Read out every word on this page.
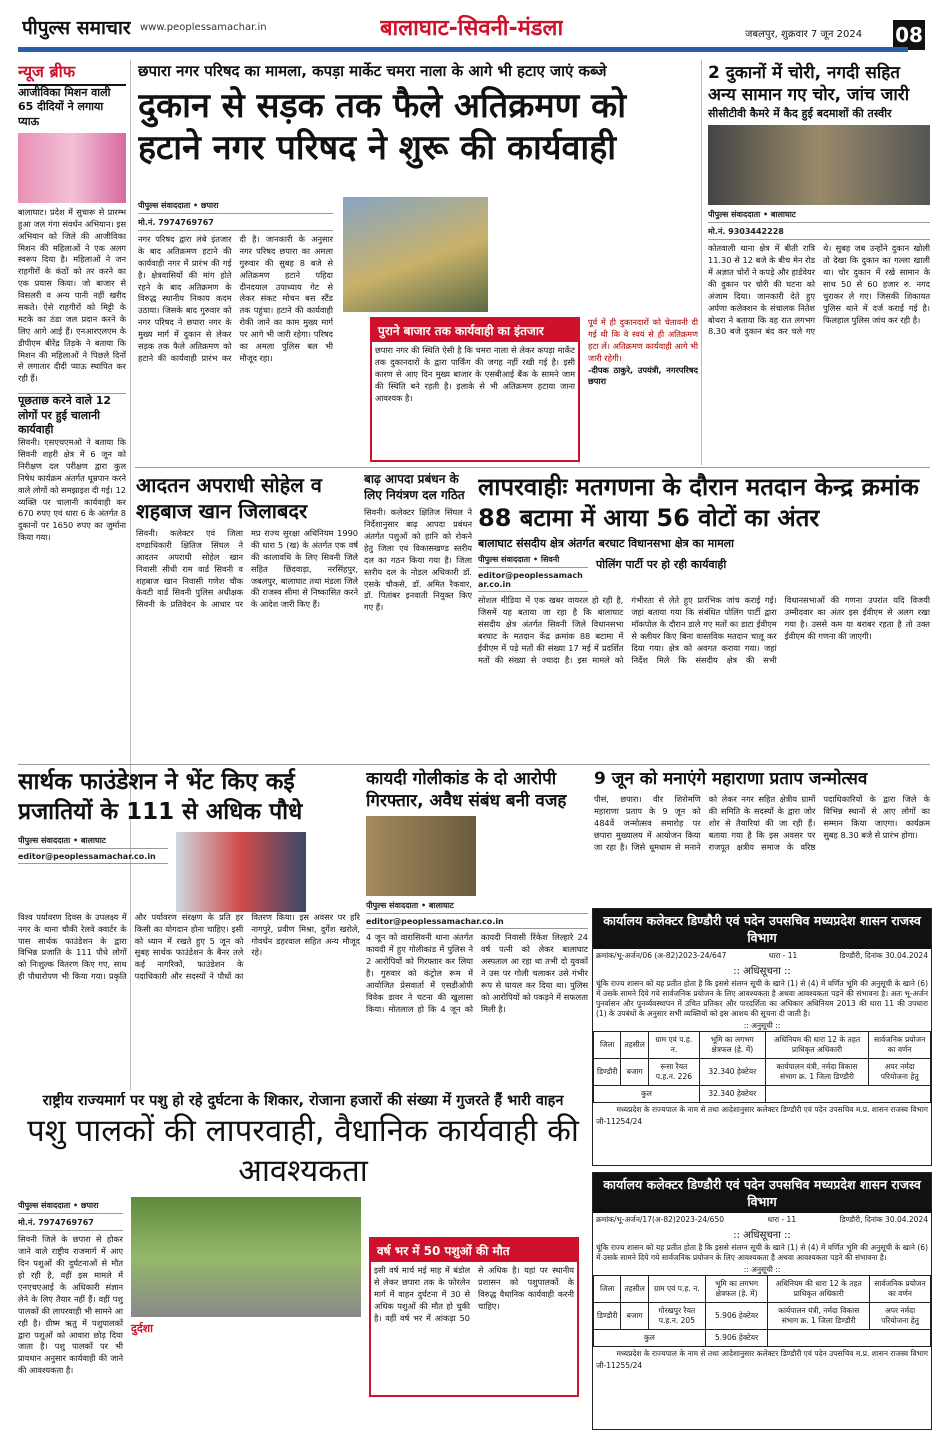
पीपुल्स समाचार www.peoplessamachar.in	बालाघाट-सिवनी-मंडला	जबलपुर, शुक्रवार 7 जून 2024 08
न्यूज ब्रीफ
आजीविका मिशन वाली 65 दीदियों ने लगाया प्याऊ
बालाघाट। प्रदेश में सुचारू से प्रारम्भ हुआ जल गंगा संवर्धन अभियान। इस अभियान को जिले की आजीविका मिशन की महिलाओं ने एक अलग स्वरूप दिया है। महिलाओं ने जन राहगीरों के कंठों को तर करने का एक प्रयास किया। जो बाजार से विसलरी व अन्य पानी नहीं खरीद सकते। ऐसे राहगीरों को मिट्टी के मटके का ठंडा जल प्रदान करने के लिए आगे आई हैं। एनआरएलएम के डीपीएम बीरेंद्र तिड़के ने बताया कि मिशन की महिलाओं ने पिछले दिनों से लगातार दीदी प्याऊ स्थापित कर रही हैं।
पूछताछ करने वाले 12 लोगों पर हुई चालानी कार्यवाही
सिवनी। एसएचएमओ ने बताया कि सिवनी शहरी क्षेत्र में 6 जून को निरीक्षण दल परीक्षण द्वारा कुल निषेध कार्यक्रम अंतर्गत धूम्रपान करने वाले लोगों को समझाइश दी गई। 12 व्यक्ति पर चालानी कार्यवाही कर 670 रुपए एवं धारा 6 के अंतर्गत 8 दुकानों पर 1650 रुपए का जुर्माना किया गया।
छपारा नगर परिषद का मामला, कपड़ा मार्केट चमरा नाला के आगे भी हटाए जाएं कब्जे
दुकान से सड़क तक फैले अतिक्रमण को हटाने नगर परिषद ने शुरू की कार्यवाही
पीपुल्स संवाददाता • छपारा
मो.नं. 7974769767
नगर परिषद द्वारा लंबे इंतजार के बाद अतिक्रमण हटाने की कार्यवाही नगर में प्रारंभ की गई है। क्षेत्रवासियों की मांग होते रहने के बाद अतिक्रमण के विरुद्ध स्थानीय निकाय कदम उठाया। जिसके बाद गुरुवार को नगर परिषद ने छपारा नगर के मुख्य मार्ग में दुकान से लेकर सड़क तक फैले अतिक्रमण को हटाने की कार्यवाही प्रारंभ कर दी है। जानकारी के अनुसार नगर परिषद छपारा का अमला गुरुवार की सुबह 8 बजे से अतिक्रमण हटाने पहिदा दीनदयाल उपाध्याय गेट से लेकर संकट मोचन बस स्टैंड तक पहुंचा। हटाने की कार्यवाही रोकी जाने का काम मुख्य मार्ग पर आगे भी जारी रहेगा। परिषद का अमला पुलिस बल भी मौजूद रहा।
पुराने बाजार तक कार्यवाही का इंतजार
छपारा नगर की स्थिति ऐसी है कि चमरा नाला से लेकर कपड़ा मार्केट तक दुकानदारों के द्वारा पार्किंग की जगह नहीं रखी गई है। इसी कारण से आए दिन मुख्य बाजार के एसबीआई बैंक के सामने जाम की स्थिति बने रहती है। इलाके से भी अतिक्रमण हटाया जाना आवश्यक है।
पूर्व में ही दुकानदारों को चेतावनी दी गई थी कि वे स्वयं से ही अतिक्रमण हटा लें। अतिक्रमण कार्यवाही आगे भी जारी रहेगी।
-दीपक ठाकुरे, उपयंत्री, नगरपरिषद छपारा
2 दुकानों में चोरी, नगदी सहित अन्य सामान गए चोर, जांच जारी
सीसीटीवी कैमरे में कैद हुई बदमाशों की तस्वीर
पीपुल्स संवाददाता • बालाघाट
मो.नं. 9303442228
कोतवाली थाना क्षेत्र में बीती रात्रि 11.30 से 12 बजे के बीच मेन रोड में अज्ञात चोरों ने कपड़े और हार्डवेयर की दुकान पर चोरी की घटना को अंजाम दिया। जानकारी देते हुए अर्पणा कलेक्शन के संचालक नितेश बोथरा ने बताया कि वह रात लगभग 8.30 बजे दुकान बंद कर चले गए थे। सुबह जब उन्होंने दुकान खोली तो देखा कि दुकान का गल्ला खाली था। चोर दुकान में रखे सामान के साथ 50 से 60 हजार रु. नगद चुराकर ले गए। जिसकी शिकायत पुलिस थाने में दर्ज कराई गई है। फिलहाल पुलिस जांच कर रही है।
आदतन अपराधी सोहेल व शहबाज खान जिलाबदर
सिवनी। कलेक्टर एवं जिला दण्डाधिकारी क्षितिज सिंघल ने आदतन अपराधी सोहेल खान निवासी सीधी राम वार्ड सिवनी व शहबाज खान निवासी गणेश चौक केवटी वार्ड सिवनी पुलिस अधीक्षक सिवनी के प्रतिवेदन के आधार पर मप्र राज्य सुरक्षा अधिनियम 1990 की धारा 5 (ख) के अंतर्गत एक वर्ष की कालावधि के लिए सिवनी जिले सहित छिंदवाड़ा, नरसिंहपुर, जबलपुर, बालाघाट तथा मंडला जिले की राजस्व सीमा से निष्कासित करने के आदेश जारी किए हैं।
बाढ़ आपदा प्रबंधन के लिए नियंत्रण दल गठित
सिवनी। कलेक्टर क्षितिज सिंघल ने निर्देशानुसार बाढ़ आपदा प्रबंधन अंतर्गत पशुओं को हानि को रोकने हेतु जिला एवं विकासखण्ड स्तरीय दल का गठन किया गया है। जिला स्तरीय दल के नोडल अधिकारी डॉ. एसके चौकसे, डॉ. अमित रैकवार, डॉ. पितांबर इनवाती नियुक्त किए गए हैं।
लापरवाहीः मतगणना के दौरान मतदान केन्द्र क्रमांक 88 बटामा में आया 56 वोटों का अंतर
बालाघाट संसदीय क्षेत्र अंतर्गत बरघाट विधानसभा क्षेत्र का मामला
पीपुल्स संवाददाता • सिवनी
editor@peoplessamachar.co.in
पोलिंग पार्टी पर हो रही कार्यवाही
सोशल मीडिया में एक खबर वायरल हो रही है, जिसमें यह बताया जा रहा है कि बालाघाट संसदीय क्षेत्र अंतर्गत सिवनी जिले विधानसभा बरघाट के मतदान केंद्र क्रमांक 88 बटामा में ईवीएम में पड़े मतों की संख्या 17 मई में प्रदर्शित मतों की संख्या से ज्यादा है। इस मामले को गंभीरता से लेते हुए प्रारंभिक जांच कराई गई। जहां बताया गया कि संबंधित पोलिंग पार्टी द्वारा मॉकपोल के दौरान डाले गए मतों का डाटा ईवीएम से क्लीयर किए बिना वास्तविक मतदान चालू कर दिया गया। क्षेत्र को अवगत कराया गया। जहां निर्देश मिले कि संसदीय क्षेत्र की सभी विधानसभाओं की गणना उपरांत यदि विजयी उम्मीदवार का अंतर इस ईवीएम से अलग रखा गया है। उससे कम या बराबर रहता है तो उक्त ईवीएम की गणना की जाएगी।
सार्थक फाउंडेशन ने भेंट किए कई प्रजातियों के 111 से अधिक पौधे
पीपुल्स संवाददाता • बालाघाट
editor@peoplessamachar.co.in
विश्व पर्यावरण दिवस के उपलक्ष्य में नगर के थाना चौकी रेलवे क्वार्टर के पास सार्थक फाउंडेशन के द्वारा विभिन्न प्रजाति के 111 पौधे लोगों को निःशुल्क वितरण किए गए, साथ ही पौधारोपण भी किया गया। प्रकृति और पर्यावरण संरक्षण के प्रति हर किसी का योगदान होना चाहिए। इसी को ध्यान में रखते हुए 5 जून को सुबह सार्थक फाउंडेशन के बैनर तले कई नागरिकों, फाउंडेशन के पदाधिकारी और सदस्यों ने पौधों का वितरण किया। इस अवसर पर हरि नागपुरे, प्रवीण मिश्रा, दुर्गेश खरोले, गोवर्धन डहरवाल सहित अन्य मौजूद रहे।
कायदी गोलीकांड के दो आरोपी गिरफ्तार, अवैध संबंध बनी वजह
पीपुल्स संवाददाता • बालाघाट
editor@peoplessamachar.co.in
4 जून को वारासिवनी थाना अंतर्गत कायदी में हुए गोलीकांड में पुलिस ने 2 आरोपियों को गिरफ्तार कर लिया है। गुरुवार को कंट्रोल रूम में आयोजित प्रेसवार्ता में एसडीओपी विवेक डावर ने घटना की खुलासा किया। मोतलाल हो कि 4 जून को कायदी निवासी रिंकेश लिल्हारे 24 वर्ष पत्नी को लेकर बालाघाट अस्पताल आ रहा था तभी दो युवकों ने उस पर गोली चलाकर उसे गंभीर रूप से घायल कर दिया था। पुलिस को आरोपियों को पकड़ने में सफलता मिली है।
9 जून को मनाएंगे महाराणा प्रताप जन्मोत्सव
पीसं, छपारा। वीर शिरोमणि महाराणा प्रताप के 9 जून को 484वें जन्मोत्सव समारोह पर छपारा मुख्यालय में आयोजन किया जा रहा है। जिसे धूमधाम से मनाने को लेकर नगर सहित क्षेत्रीय ग्रामों की समिति के सदस्यों के द्वारा जोर शोर से तैयारियां की जा रही हैं। बताया गया है कि इस अवसर पर राजपूत क्षत्रीय समाज के वरिष्ठ पदाधिकारियों के द्वारा जिले के विभिन्न स्थानों से आए लोगों का सम्मान किया जाएगा। कार्यक्रम सुबह 8.30 बजे से प्रारंभ होगा।
कार्यालय कलेक्टर डिण्डौरी एवं पदेन उपसचिव मध्यप्रदेश शासन राजस्व विभाग
क्रमांक/भू-अर्जन/06 (अ-82)2023-24/647	धारा - 11	डिण्डौरी, दिनांक 30.04.2024
:: अधिसूचना ::
चूंकि राज्य शासन को यह प्रतीत होता है कि इससे संलग्न सूची के खाने (1) से (4) में वर्णित भूमि की अनुसूची के खाने (6) में उसके सामने दिये गये सार्वजनिक प्रयोजन के लिए आवश्यकता है अथवा आवश्यकता पड़ने की संभावना है। अतः भू-अर्जन पुनर्वासन और पुनर्व्यवस्थापन में उचित प्रतिकर और पारदर्शिता का अधिकार अधिनियम 2013 की धारा 11 की उपधारा (1) के उपबंधों के अनुसार सभी व्यक्तियों को इस आशय की सूचना दी जाती है।
:: अनुसूची ::
जिला	तहसील	ग्राम एवं प.ह. न.	भूमि का लगभग क्षेत्रफल (हे. में)	अधिनियम की धारा 12 के तहत प्राधिकृत अधिकारी	सार्वजनिक प्रयोजन का वर्णन
डिण्डौरी	बजाग	रूसा रैयत प.ह.न. 226	32.340 हेक्टेयर	कार्यपालन यंत्री, नर्मदा विकास संभाग क्र. 1 जिला डिण्डौरी	अपर नर्मदा परियोजना हेतु
कुल			32.340 हेक्टेयर		
मध्यप्रदेश के राज्यपाल के नाम से तथा आदेशानुसार कलेक्टर डिण्डौरी एवं पदेन उपसचिव म.प्र. शासन राजस्व विभाग
जी-11254/24
कार्यालय कलेक्टर डिण्डौरी एवं पदेन उपसचिव मध्यप्रदेश शासन राजस्व विभाग
क्रमांक/भू-अर्जन/17(अ-82)2023-24/650	धारा - 11	डिण्डौरी, दिनांक 30.04.2024
:: अधिसूचना ::
चूंकि राज्य शासन को यह प्रतीत होता है कि इससे संलग्न सूची के खाने (1) से (4) में वर्णित भूमि की अनुसूची के खाने (6) में उसके सामने दिये गये सार्वजनिक प्रयोजन के लिए आवश्यकता है अथवा आवश्यकता पड़ने की संभावना है।
:: अनुसूची ::
जिला	तहसील	ग्राम एवं प.ह. न.	भूमि का लगभग क्षेत्रफल (हे. में)	अधिनियम की धारा 12 के तहत प्राधिकृत अधिकारी	सार्वजनिक प्रयोजन का वर्णन
डिण्डौरी	बजाग	गोरखपुर रैयत प.ह.न. 205	5.906 हेक्टेयर	कार्यपालन यंत्री, नर्मदा विकास संभाग क्र. 1 जिला डिण्डौरी	अपर नर्मदा परियोजना हेतु
कुल			5.906 हेक्टेयर		
मध्यप्रदेश के राज्यपाल के नाम से तथा आदेशानुसार कलेक्टर डिण्डौरी एवं पदेन उपसचिव म.प्र. शासन राजस्व विभाग
जी-11255/24
राष्ट्रीय राज्यमार्ग पर पशु हो रहे दुर्घटना के शिकार, रोजाना हजारों की संख्या में गुजरते हैं भारी वाहन
पशु पालकों की लापरवाही, वैधानिक कार्यवाही की आवश्यकता
पीपुल्स संवाददाता • छपारा
मो.नं. 7974769767
सिवनी जिले के छपारा से होकर जाने वाले राष्ट्रीय राजमार्ग में आए दिन पशुओं की दुर्घटनाओं से मौत हो रही है, वहीं इस मामले में एनएचएआई के अधिकारी संज्ञान लेने के लिए तैयार नहीं हैं। वहीं पशु पालकों की लापरवाही भी सामने आ रही है। ग्रीष्म ऋतु में पशुपालकों द्वारा पशुओं को आवारा छोड़ दिया जाता है। पशु पालकों पर भी प्रावधान अनुसार कार्यवाही की जाने की आवश्यकता है।
दुर्दशा
वर्ष भर में 50 पशुओं की मौत
इसी वर्ष मार्च मई माह में बंडोल से लेकर छपारा तक के फोरलेन मार्ग में वाहन दुर्घटना में 30 से अधिक पशुओं की मौत हो चुकी है। वहीं वर्ष भर में आंकड़ा 50 से अधिक है। यहां पर स्थानीय प्रशासन को पशुपालकों के विरुद्ध वैधानिक कार्यवाही करनी चाहिए।
